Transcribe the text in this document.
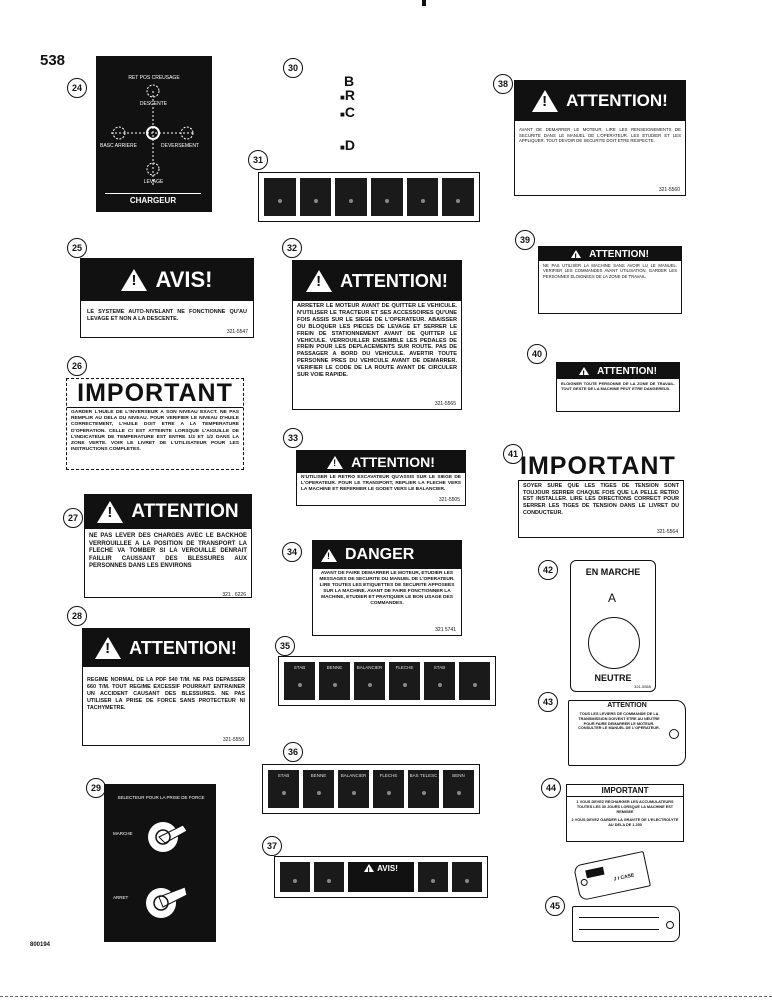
538
800194
24
25
26
27
28
29
30
31
32
33
34
35
36
37
38
39
40
41
42
43
44
45
RET POS CREUSAGE
DESCENTE
BASC ARRIERE	DEVERSEMENT
LEVAGE
CHARGEUR
!
AVIS!
LE SYSTEME AUTO-NIVELANT NE FONCTIONNE QU'AU LEVAGE ET NON A LA DESCENTE.
321-5547
IMPORTANT
GARDER L'HUILE DE L'INVERSEUR A SON NIVEAU EXACT. NE PAS REMPLIR AU DELA DU NIVEAU. POUR VERIFIER LE NIVEAU D'HUILE CORRECTEMENT, L'HUILE DOIT ETRE A LA TEMPERATURE D'OPERATION. CELLE CI EST ATTEINTE LORSQUE L'AIGUILLE DE L'INDICATEUR DE TEMPERATURE EST ENTRE 1/3 ET 1/2 DANS LA ZONE VERTE. VOIR LE LIVRET DE L'UTILISATEUR POUR LES INSTRUCTIONS COMPLETES.
!
ATTENTION
NE PAS LEVER DES CHARGES AVEC LE BACKHOE VERROUILLEE A LA POSITION DE TRANSPORT LA FLECHE VA TOMBER SI LA VEROUILLE DENRAIT FAILLIR CAUSSANT DES BLESSURES AUX PERSONNES DANS LES ENVIRONS
321 . 6226
!
ATTENTION!
REGIME NORMAL DE LA PDF 540 T/M. NE PAS DEPASSER 660 T/M. TOUT REGIME EXCESSIF POURRAIT ENTRAINER UN ACCIDENT CAUSANT DES BLESSURES. NE PAS UTILISER LA PRISE DE FORCE SANS PROTECTEUR NI TACHYMETRE.
321-5550
SELECTEUR POUR LA PRISE DE FORCE
MARCHE
ARRET
B
■R
■C
■D
!
ATTENTION!
ARRETER LE MOTEUR AVANT DE QUITTER LE VEHICULE. N'UTILISER LE TRACTEUR ET SES ACCESSOIRES QU'UNE FOIS ASSIS SUR LE SIEGE DE L'OPERATEUR. ABAISSER OU BLOQUER LES PIECES DE LEVAGE ET SERRER LE FREIN DE STATIONNEMENT AVANT DE QUITTER LE VEHICULE. VERROUILLER ENSEMBLE LES PEDALES DE FREIN POUR LES DEPLACEMENTS SUR ROUTE. PAS DE PASSAGER A BORD DU VEHICULE. AVERTIR TOUTE PERSONNE PRES DU VEHICULE AVANT DE DEMARRER. VERIFIER LE CODE DE LA ROUTE AVANT DE CIRCULER SUR VOIE RAPIDE.
321-5565
!
ATTENTION!
N'UTILISER LE RETRO EXCAVATEUR QU'ASSIS SUR LE SIEGE DE L'OPERATEUR. POUR LE TRANSPORT, REPLIER LA FLECHE VERS LA MACHINE ET REFERMER LE GODET VERS LE BALANCIER.
321-5505
!
DANGER
AVANT DE FAIRE DEMARRER LE MOTEUR, ETUDIER LES MESSAGES DE SECURITE DU MANUEL DE L'OPERATEUR. LIRE TOUTES LES ETIQUETTES DE SECURITE APPOSEES SUR LA MACHINE. AVANT DE FAIRE FONCTIONNER LA MACHINE, ETUDIER ET PRATIQUER LE BON USAGE DES COMMANDES.
321 5741
STAB	BENNE	BALANCIER	FLECHE	STAB
STAB	BENNE	BALANCIER	FLECHE	BAS TELESC	BENN
!
AVIS!
!
ATTENTION!
AVANT DE DEMARRER LE MOTEUR, LIRE LES RENSEIGNEMENTS DE SECURITE DANS LE MANUEL DE L'OPERATEUR. LES ETUDIER ET LES APPLIQUER. TOUT DEVOIR DE SECURITE DOIT ETRE RESPECTE.
321-5560
!
ATTENTION!
NE PAS UTILISER LA MACHINE SANS AVOIR LU LE MANUEL. VERIFIER LES COMMANDES AVANT UTILISATION. GARDER LES PERSONNES ELOIGNEES DE LA ZONE DE TRAVAIL.
!
ATTENTION!
ELOIGNER TOUTE PERSONNE DE LA ZONE DE TRAVAIL. TOUT GESTE DE LA MACHINE PEUT ETRE DANGEREUX.
IMPORTANT
SOYER SURE QUE LES TIGES DE TENSION SONT TOUJOUR SERRER CHAQUE FOIS QUE LA PELLE RETRO EST INSTALLER. LIRE LES DIRECTIONS CORRECT POUR SERRER LES TIGES DE TENSION DANS LE LIVRET DU CONDUCTEUR.
321-5564
EN MARCHE
А
NEUTRE
321-5565
ATTENTION
TOUS LES LEVIERS DE COMMANDE DE LA TRANSMISSION DOIVENT ETRE AU NEUTRE POUR FAIRE DEMARRER LE MOTEUR. CONSULTER LE MANUEL DE L'OPERATEUR.
IMPORTANT
1 VOUS DEVEZ RECHARGER LES ACCUMULATEURS TOUTES LES 30 JOURS LORSQUE LA MACHINE EST REMISEE
2 VOUS DEVEZ GARDER LA GRAVITE DE L'ELECTROLYTE AU DELA DE 1.250
J I CASE
